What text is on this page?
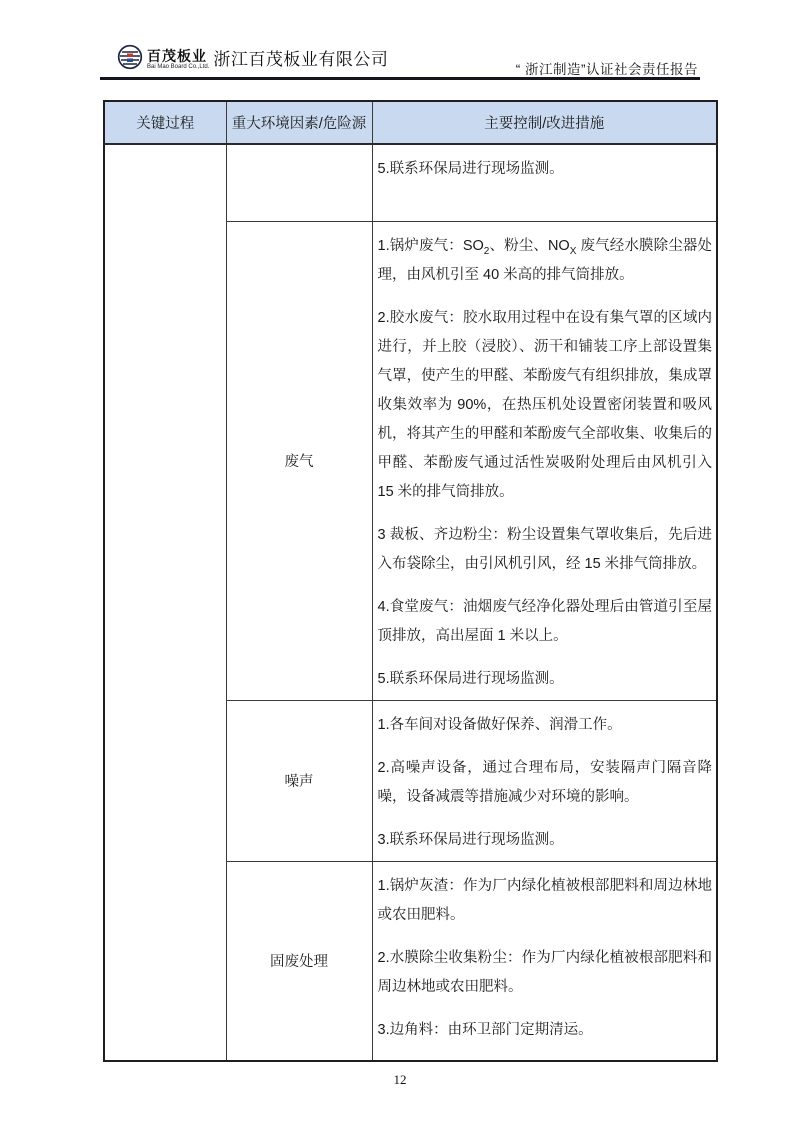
百茂板业
Bai Mao Board Co.,Ltd. 浙江百茂板业有限公司
“ 浙江制造”认证社会责任报告
关键过程	重大环境因素/危险源	主要控制/改进措施

		5.联系环保局进行现场监测。

	废气	1.锅炉废气：$SO_2$、粉尘、$NO_X$ 废气经水膜除尘器处理，由风机引至 40 米高的排气筒排放。

2.胶水废气：胶水取用过程中在设有集气罩的区域内进行，并上胶（浸胶）、沥干和铺装工序上部设置集气罩，使产生的甲醛、苯酚废气有组织排放，集成罩收集效率为 90%，在热压机处设置密闭装置和吸风机，将其产生的甲醛和苯酚废气全部收集、收集后的甲醛、苯酚废气通过活性炭吸附处理后由风机引入 15 米的排气筒排放。

3 裁板、齐边粉尘：粉尘设置集气罩收集后，先后进入布袋除尘，由引风机引风，经 15 米排气筒排放。

4.食堂废气：油烟废气经净化器处理后由管道引至屋顶排放，高出屋面 1 米以上。

5.联系环保局进行现场监测。

	噪声	1.各车间对设备做好保养、润滑工作。

2.高噪声设备，通过合理布局，安装隔声门隔音降噪，设备减震等措施减少对环境的影响。

3.联系环保局进行现场监测。

	固废处理	1.锅炉灰渣：作为厂内绿化植被根部肥料和周边林地或农田肥料。

2.水膜除尘收集粉尘：作为厂内绿化植被根部肥料和周边林地或农田肥料。

3.边角料：由环卫部门定期清运。

12
